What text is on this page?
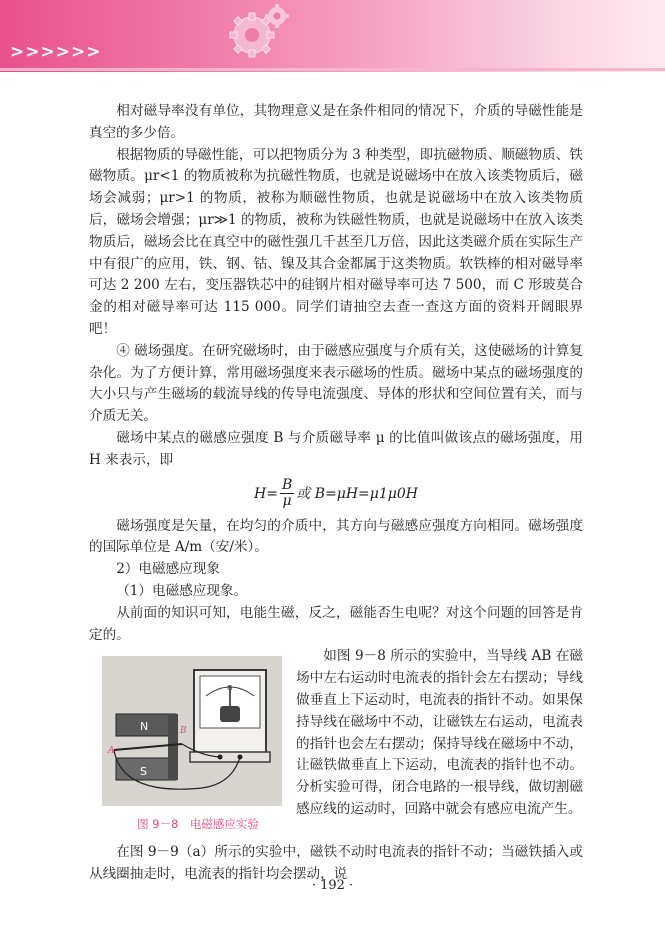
>>>>>>

相对磁导率没有单位，其物理意义是在条件相同的情况下，介质的导磁性能是真空的多少倍。

根据物质的导磁性能，可以把物质分为 3 种类型，即抗磁物质、顺磁物质、铁磁物质。μr<1 的物质被称为抗磁性物质，也就是说磁场中在放入该类物质后，磁场会减弱；μr>1 的物质，被称为顺磁性物质，也就是说磁场中在放入该类物质后，磁场会增强；μr≫1 的物质，被称为铁磁性物质，也就是说磁场中在放入该类物质后，磁场会比在真空中的磁性强几千甚至几万倍，因此这类磁介质在实际生产中有很广的应用，铁、钢、钴、镍及其合金都属于这类物质。软铁棒的相对磁导率可达 2 200 左右，变压器铁芯中的硅钢片相对磁导率可达 7 500，而 C 形玻莫合金的相对磁导率可达 115 000。同学们请抽空去查一查这方面的资料开阔眼界吧！

④ 磁场强度。在研究磁场时，由于磁感应强度与介质有关，这使磁场的计算复杂化。为了方便计算，常用磁场强度来表示磁场的性质。磁场中某点的磁场强度的大小只与产生磁场的载流导线的传导电流强度、导体的形状和空间位置有关，而与介质无关。

磁场中某点的磁感应强度 B 与介质磁导率 μ 的比值叫做该点的磁场强度，用 H 来表示，即

$H= \frac{B}{\mu}$ 或 B=μH=μ1μ0H

磁场强度是矢量，在均匀的介质中，其方向与磁感应强度方向相同。磁场强度的国际单位是 A/m（安/米）。

2）电磁感应现象

（1）电磁感应现象。

从前面的知识可知，电能生磁，反之，磁能否生电呢？对这个问题的回答是肯定的。

N
S
A
B
G
图 9－8　电磁感应实验

如图 9－8 所示的实验中，当导线 AB 在磁场中左右运动时电流表的指针会左右摆动；导线做垂直上下运动时，电流表的指针不动。如果保持导线在磁场中不动，让磁铁左右运动，电流表的指针也会左右摆动；保持导线在磁场中不动，让磁铁做垂直上下运动，电流表的指针也不动。分析实验可得，闭合电路的一根导线，做切割磁感应线的运动时，回路中就会有感应电流产生。

在图 9－9（a）所示的实验中，磁铁不动时电流表的指针不动；当磁铁插入或从线圈抽走时，电流表的指针均会摆动，说

· 192 ·
